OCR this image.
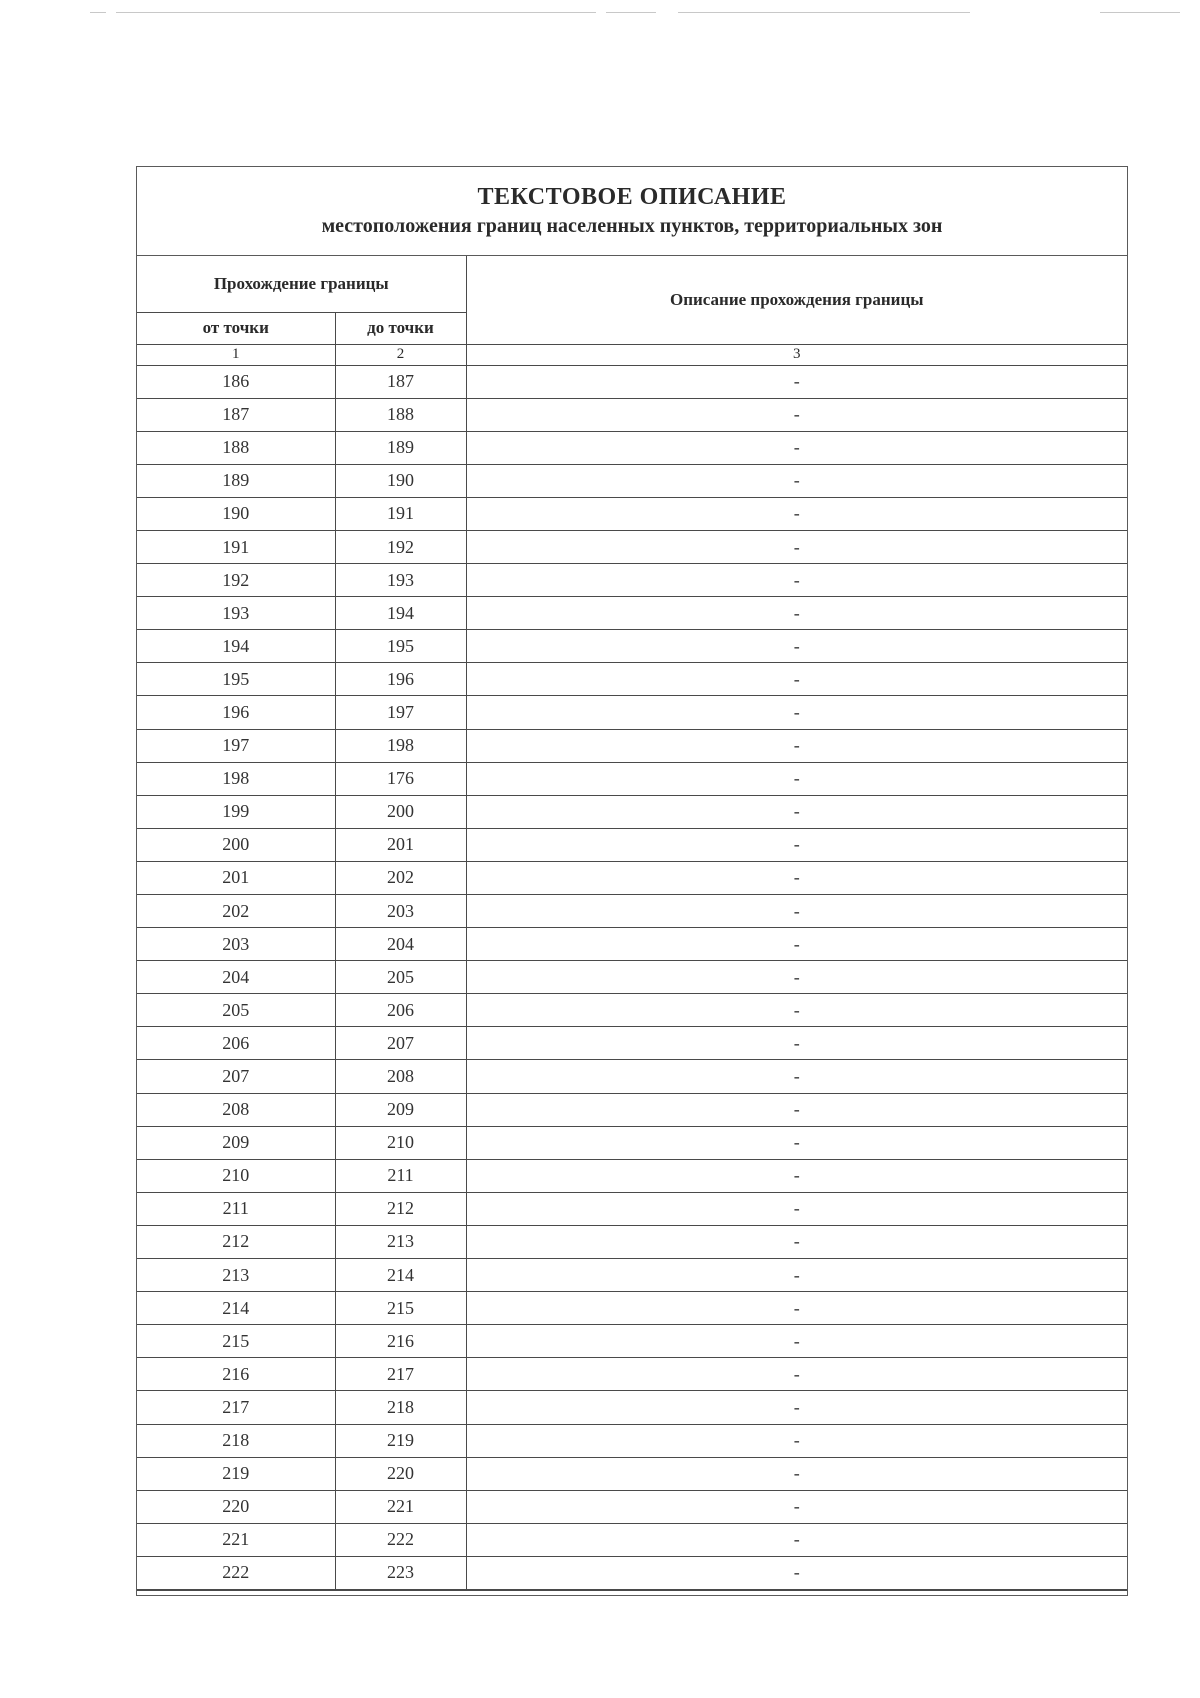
ТЕКСТОВОЕ ОПИСАНИЕ
местоположения границ населенных пунктов, территориальных зон
Прохождение границы		Описание прохождения границы
от точки	до точки	
1	2	3
186	187	-
187	188	-
188	189	-
189	190	-
190	191	-
191	192	-
192	193	-
193	194	-
194	195	-
195	196	-
196	197	-
197	198	-
198	176	-
199	200	-
200	201	-
201	202	-
202	203	-
203	204	-
204	205	-
205	206	-
206	207	-
207	208	-
208	209	-
209	210	-
210	211	-
211	212	-
212	213	-
213	214	-
214	215	-
215	216	-
216	217	-
217	218	-
218	219	-
219	220	-
220	221	-
221	222	-
222	223	-
